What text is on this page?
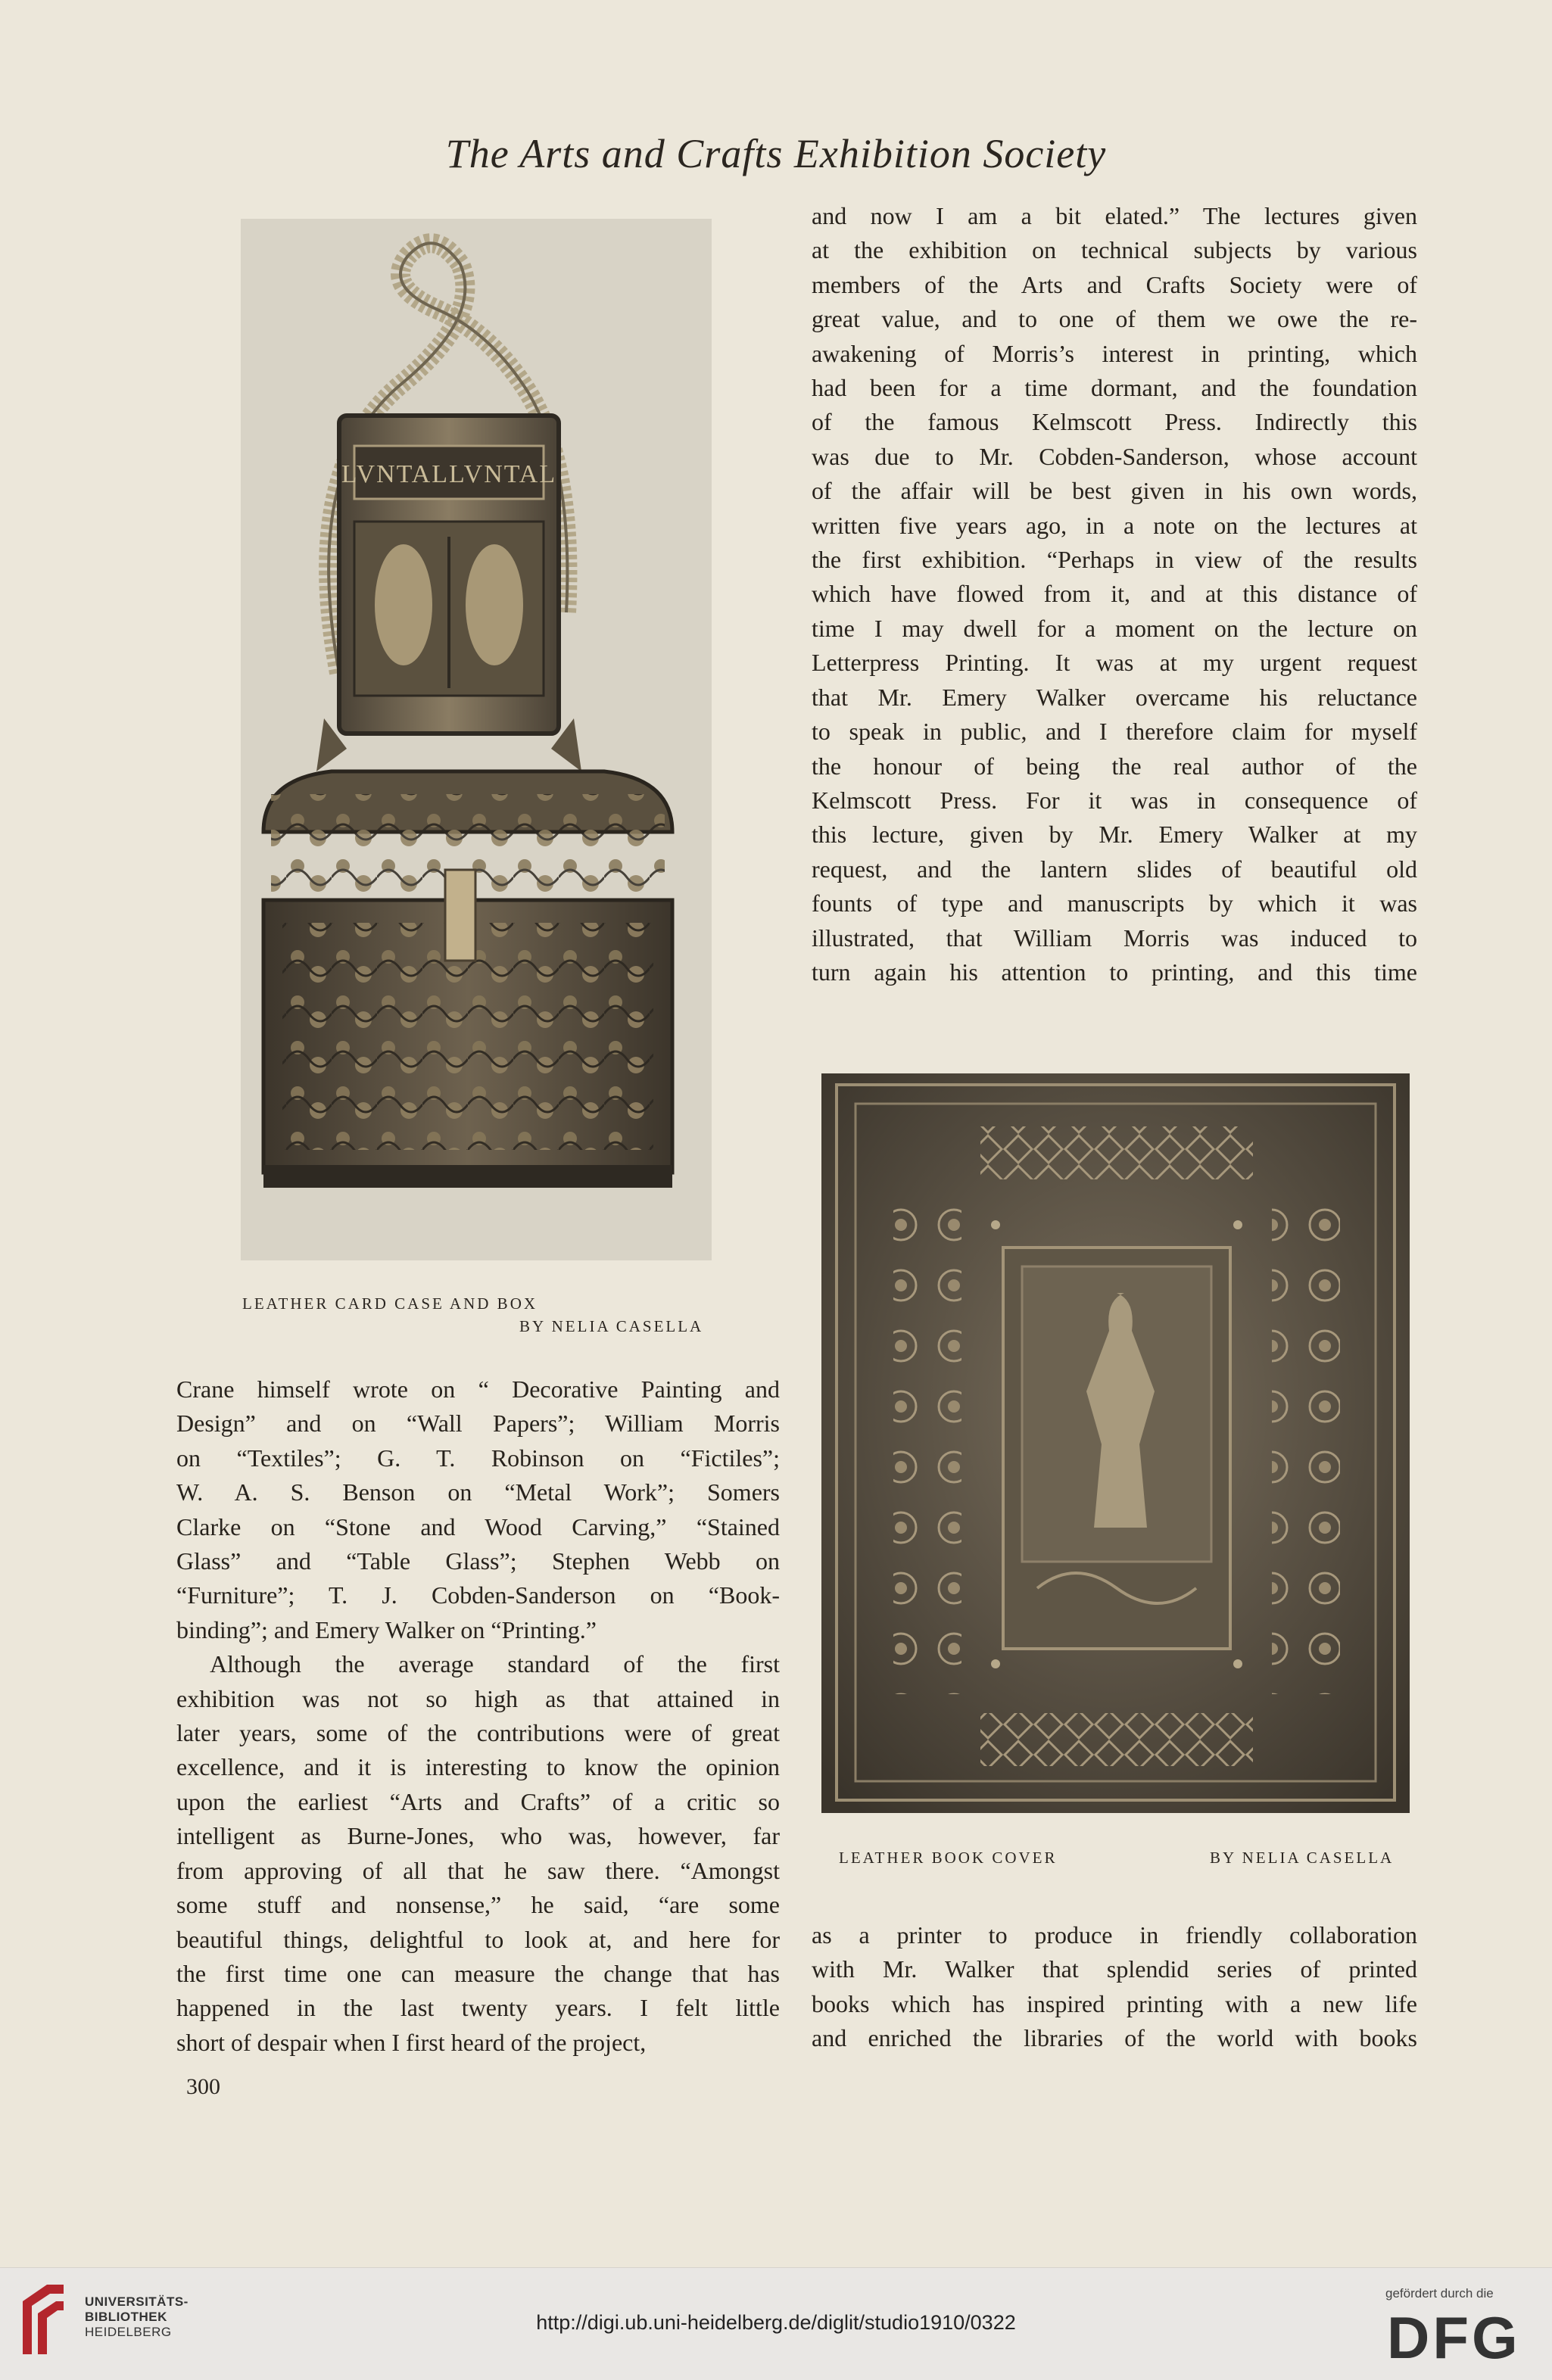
The Arts and Crafts Exhibition Society
LVNTALLVNTAL
LEATHER CARD CASE AND BOX
BY NELIA CASELLA
LEATHER BOOK COVER	BY NELIA CASELLA
and now I am a bit elated.” The lectures given
at the exhibition on technical subjects by various
members of the Arts and Crafts Society were of
great value, and to one of them we owe the re-
awakening of Morris’s interest in printing, which
had been for a time dormant, and the foundation
of the famous Kelmscott Press. Indirectly this
was due to Mr. Cobden-Sanderson, whose account
of the affair will be best given in his own words,
written five years ago, in a note on the lectures at
the first exhibition. “Perhaps in view of the results
which have flowed from it, and at this distance of
time I may dwell for a moment on the lecture on
Letterpress Printing. It was at my urgent request
that Mr. Emery Walker overcame his reluctance
to speak in public, and I therefore claim for myself
the honour of being the real author of the
Kelmscott Press. For it was in consequence of
this lecture, given by Mr. Emery Walker at my
request, and the lantern slides of beautiful old
founts of type and manuscripts by which it was
illustrated, that William Morris was induced to
turn again his attention to printing, and this time
Crane himself wrote on “ Decorative Painting and
Design” and on “Wall Papers”; William Morris
on “Textiles”; G. T. Robinson on “Fictiles”;
W. A. S. Benson on “Metal Work”; Somers
Clarke on “Stone and Wood Carving,” “Stained
Glass” and “Table Glass”; Stephen Webb on
“Furniture”; T. J. Cobden-Sanderson on “Book-
binding”; and Emery Walker on “Printing.”
Although the average standard of the first
exhibition was not so high as that attained in
later years, some of the contributions were of great
excellence, and it is interesting to know the opinion
upon the earliest “Arts and Crafts” of a critic so
intelligent as Burne-Jones, who was, however, far
from approving of all that he saw there. “Amongst
some stuff and nonsense,” he said, “are some
beautiful things, delightful to look at, and here for
the first time one can measure the change that has
happened in the last twenty years. I felt little
short of despair when I first heard of the project,
as a printer to produce in friendly collaboration
with Mr. Walker that splendid series of printed
books which has inspired printing with a new life
and enriched the libraries of the world with books
300
UNIVERSITÄTS-
BIBLIOTHEK
HEIDELBERG	http://digi.ub.uni-heidelberg.de/diglit/studio1910/0322
gefördert durch die
DFG
